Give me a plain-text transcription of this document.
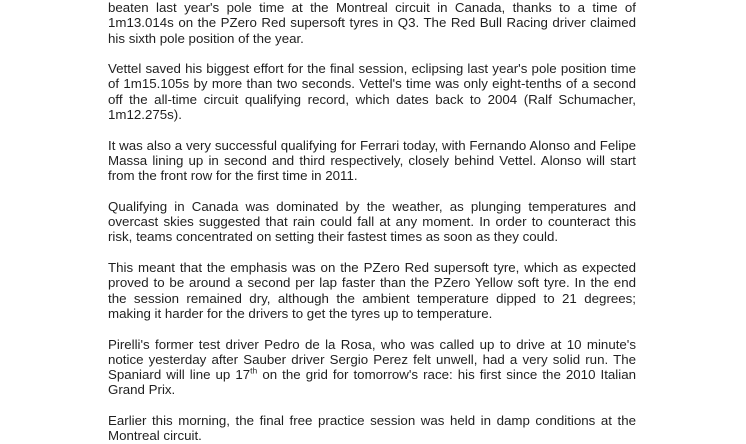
beaten last year's pole time at the Montreal circuit in Canada, thanks to a time of 1m13.014s on the PZero Red supersoft tyres in Q3. The Red Bull Racing driver claimed his sixth pole position of the year.

Vettel saved his biggest effort for the final session, eclipsing last year's pole position time of 1m15.105s by more than two seconds. Vettel's time was only eight-tenths of a second off the all-time circuit qualifying record, which dates back to 2004 (Ralf Schumacher, 1m12.275s).

It was also a very successful qualifying for Ferrari today, with Fernando Alonso and Felipe Massa lining up in second and third respectively, closely behind Vettel. Alonso will start from the front row for the first time in 2011.

Qualifying in Canada was dominated by the weather, as plunging temperatures and overcast skies suggested that rain could fall at any moment. In order to counteract this risk, teams concentrated on setting their fastest times as soon as they could.

This meant that the emphasis was on the PZero Red supersoft tyre, which as expected proved to be around a second per lap faster than the PZero Yellow soft tyre. In the end the session remained dry, although the ambient temperature dipped to 21 degrees; making it harder for the drivers to get the tyres up to temperature.

Pirelli's former test driver Pedro de la Rosa, who was called up to drive at 10 minute's notice yesterday after Sauber driver Sergio Perez felt unwell, had a very solid run. The Spaniard will line up 17th on the grid for tomorrow's race: his first since the 2010 Italian Grand Prix.

Earlier this morning, the final free practice session was held in damp conditions at the Montreal circuit.
